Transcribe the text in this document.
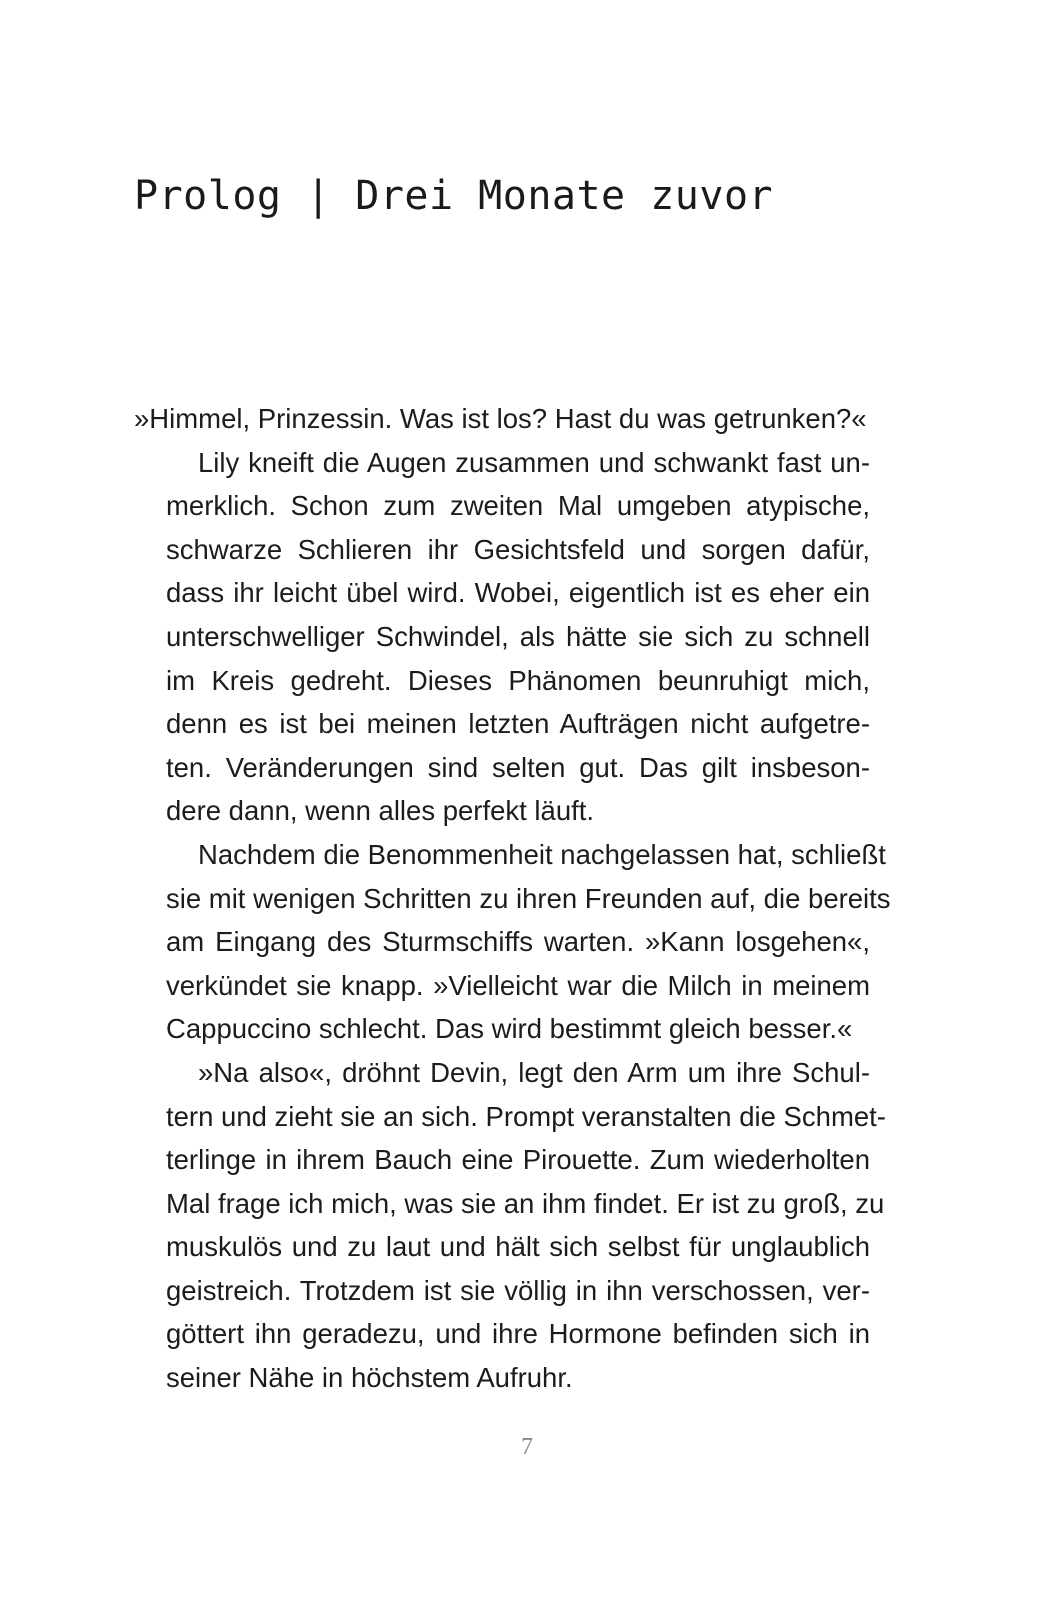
Prolog | Drei Monate zuvor

»Himmel, Prinzessin. Was ist los? Hast du was getrunken?«

Lily kneift die Augen zusammen und schwankt fast un-
merklich. Schon zum zweiten Mal umgeben atypische,
schwarze Schlieren ihr Gesichtsfeld und sorgen dafür,
dass ihr leicht übel wird. Wobei, eigentlich ist es eher ein
unterschwelliger Schwindel, als hätte sie sich zu schnell
im Kreis gedreht. Dieses Phänomen beunruhigt mich,
denn es ist bei meinen letzten Aufträgen nicht aufgetre-
ten. Veränderungen sind selten gut. Das gilt insbeson-
dere dann, wenn alles perfekt läuft.

Nachdem die Benommenheit nachgelassen hat, schließt
sie mit wenigen Schritten zu ihren Freunden auf, die bereits
am Eingang des Sturmschiffs warten. »Kann losgehen«,
verkündet sie knapp. »Vielleicht war die Milch in meinem
Cappuccino schlecht. Das wird bestimmt gleich besser.«

»Na also«, dröhnt Devin, legt den Arm um ihre Schul-
tern und zieht sie an sich. Prompt veranstalten die Schmet-
terlinge in ihrem Bauch eine Pirouette. Zum wiederholten
Mal frage ich mich, was sie an ihm findet. Er ist zu groß, zu
muskulös und zu laut und hält sich selbst für unglaublich
geistreich. Trotzdem ist sie völlig in ihn verschossen, ver-
göttert ihn geradezu, und ihre Hormone befinden sich in
seiner Nähe in höchstem Aufruhr.

7
